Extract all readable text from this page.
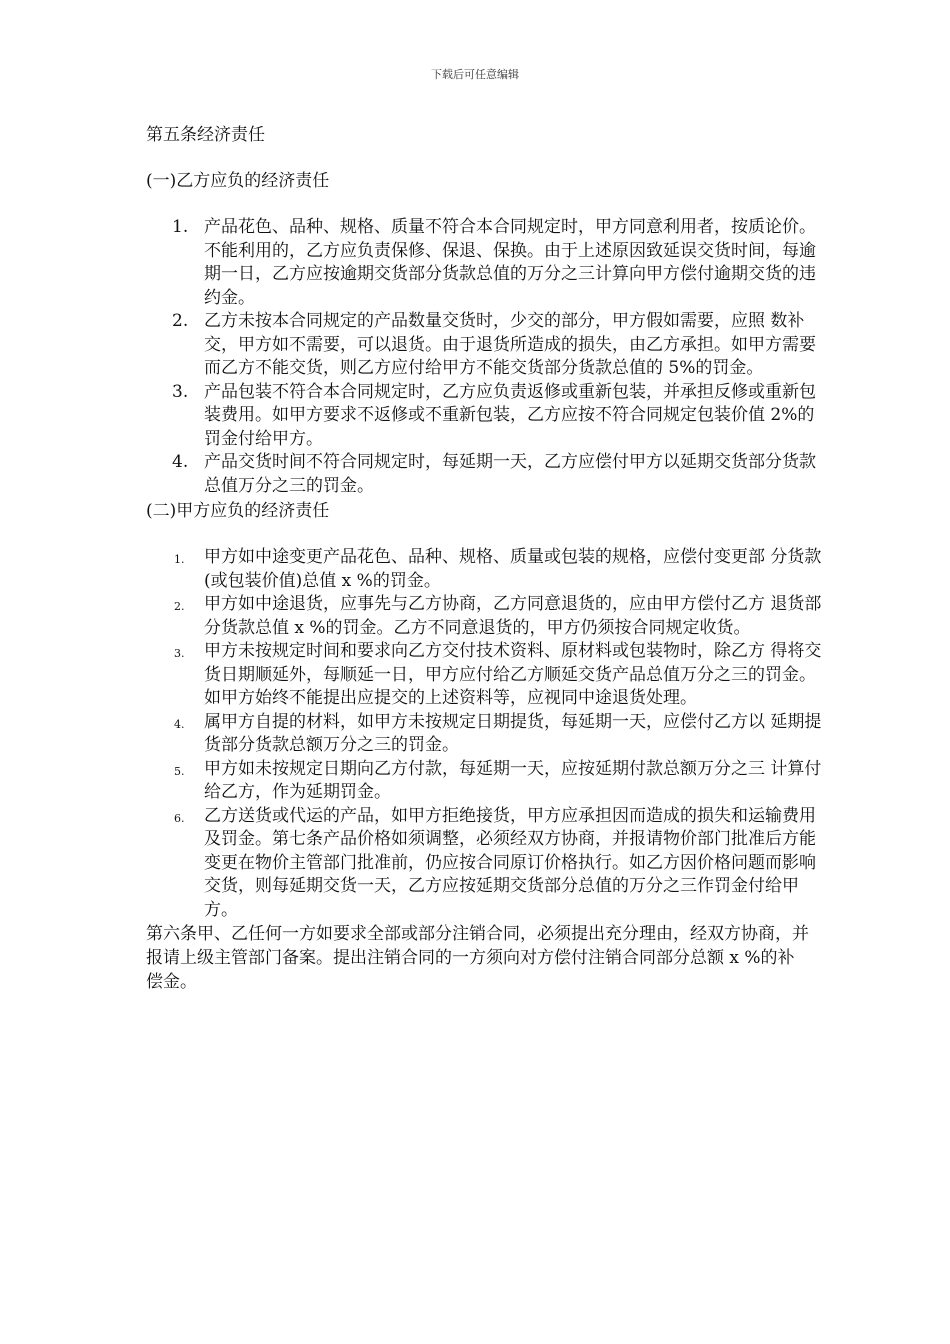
下载后可任意编辑

第五条经济责任

(一)乙方应负的经济责任

1. 产品花色、品种、规格、质量不符合本合同规定时，甲方同意利用者，按质论价。不能利用的，乙方应负责保修、保退、保换。由于上述原因致延误交货时间，每逾期一日，乙方应按逾期交货部分货款总值的万分之三计算向甲方偿付逾期交货的违约金。
2. 乙方未按本合同规定的产品数量交货时，少交的部分，甲方假如需要，应照 数补交，甲方如不需要，可以退货。由于退货所造成的损失，由乙方承担。如甲方需要而乙方不能交货，则乙方应付给甲方不能交货部分货款总值的 5%的罚金。
3. 产品包装不符合本合同规定时，乙方应负责返修或重新包装，并承担反修或重新包装费用。如甲方要求不返修或不重新包装，乙方应按不符合同规定包装价值 2%的罚金付给甲方。
4. 产品交货时间不符合同规定时，每延期一天，乙方应偿付甲方以延期交货部分货款总值万分之三的罚金。

(二)甲方应负的经济责任

1. 甲方如中途变更产品花色、品种、规格、质量或包装的规格，应偿付变更部 分货款(或包装价值)总值 x %的罚金。
2. 甲方如中途退货，应事先与乙方协商，乙方同意退货的，应由甲方偿付乙方 退货部分货款总值 x %的罚金。乙方不同意退货的，甲方仍须按合同规定收货。
3. 甲方未按规定时间和要求向乙方交付技术资料、原材料或包装物时，除乙方 得将交货日期顺延外，每顺延一日，甲方应付给乙方顺延交货产品总值万分之三的罚金。如甲方始终不能提出应提交的上述资料等，应视同中途退货处理。
4. 属甲方自提的材料，如甲方未按规定日期提货，每延期一天，应偿付乙方以 延期提货部分货款总额万分之三的罚金。
5. 甲方如未按规定日期向乙方付款，每延期一天，应按延期付款总额万分之三 计算付给乙方，作为延期罚金。
6. 乙方送货或代运的产品，如甲方拒绝接货，甲方应承担因而造成的损失和运输费用及罚金。第七条产品价格如须调整，必须经双方协商，并报请物价部门批准后方能变更在物价主管部门批准前，仍应按合同原订价格执行。如乙方因价格问题而影响交货，则每延期交货一天，乙方应按延期交货部分总值的万分之三作罚金付给甲方。

第六条甲、乙任何一方如要求全部或部分注销合同，必须提出充分理由，经双方协商，并报请上级主管部门备案。提出注销合同的一方须向对方偿付注销合同部分总额 x %的补偿金。
